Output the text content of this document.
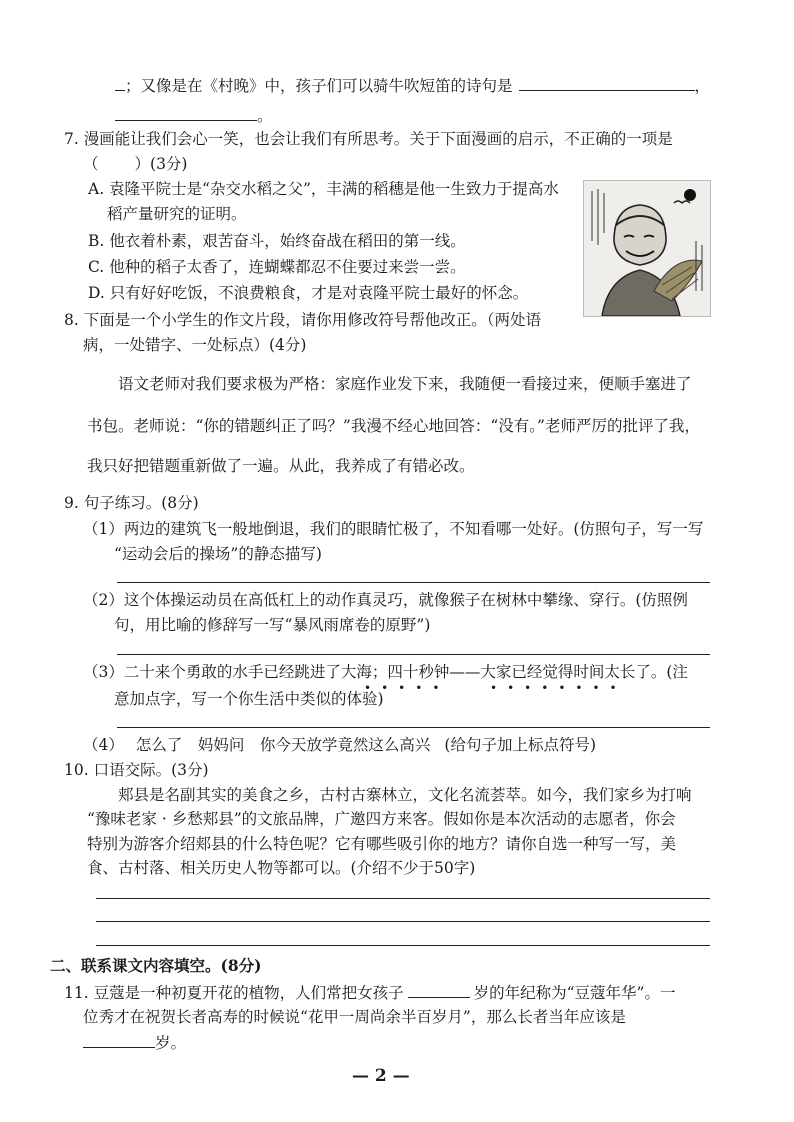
；又像是在《村晚》中，孩子们可以骑牛吹短笛的诗句是	，
。
7. 漫画能让我们会心一笑，也会让我们有所思考。关于下面漫画的启示，不正确的一项是
（ ）(3分)
A. 袁隆平院士是“杂交水稻之父”，丰满的稻穗是他一生致力于提高水
稻产量研究的证明。
B. 他衣着朴素，艰苦奋斗，始终奋战在稻田的第一线。
C. 他种的稻子太香了，连蝴蝶都忍不住要过来尝一尝。
D. 只有好好吃饭，不浪费粮食，才是对袁隆平院士最好的怀念。
8. 下面是一个小学生的作文片段，请你用修改符号帮他改正。（两处语
病，一处错字、一处标点）(4分)
语文老师对我们要求极为严格：家庭作业发下来，我随便一看接过来，便顺手塞进了
书包。老师说：“你的错题纠正了吗？”我漫不经心地回答：“没有。”老师严厉的批评了我，
我只好把错题重新做了一遍。从此，我养成了有错必改。
9. 句子练习。(8分)
（1）两边的建筑飞一般地倒退，我们的眼睛忙极了，不知看哪一处好。(仿照句子，写一写
“运动会后的操场”的静态描写)
（2）这个体操运动员在高低杠上的动作真灵巧，就像猴子在树林中攀缘、穿行。(仿照例
句，用比喻的修辞写一写“暴风雨席卷的原野”)
（3）二十来个勇敢的水手已经跳进了大海；四十秒钟——大家已经觉得时间太长了。(注
•••••	••••••••
意加点字，写一个你生活中类似的体验)
（4） 怎么了　妈妈问　你今天放学竟然这么高兴 (给句子加上标点符号)
10. 口语交际。(3分)
郏县是名副其实的美食之乡，古村古寨林立，文化名流荟萃。如今，我们家乡为打响
“豫味老家 · 乡愁郏县”的文旅品牌，广邀四方来客。假如你是本次活动的志愿者，你会
特别为游客介绍郏县的什么特色呢？它有哪些吸引你的地方？请你自选一种写一写，美
食、古村落、相关历史人物等都可以。(介绍不少于50字)
二、联系课文内容填空。(8分)
11. 豆蔻是一种初夏开花的植物，人们常把女孩子	岁的年纪称为“豆蔻年华”。一
位秀才在祝贺长者高寿的时候说“花甲一周尚余半百岁月”，那么长者当年应该是
岁。
— 2 —
